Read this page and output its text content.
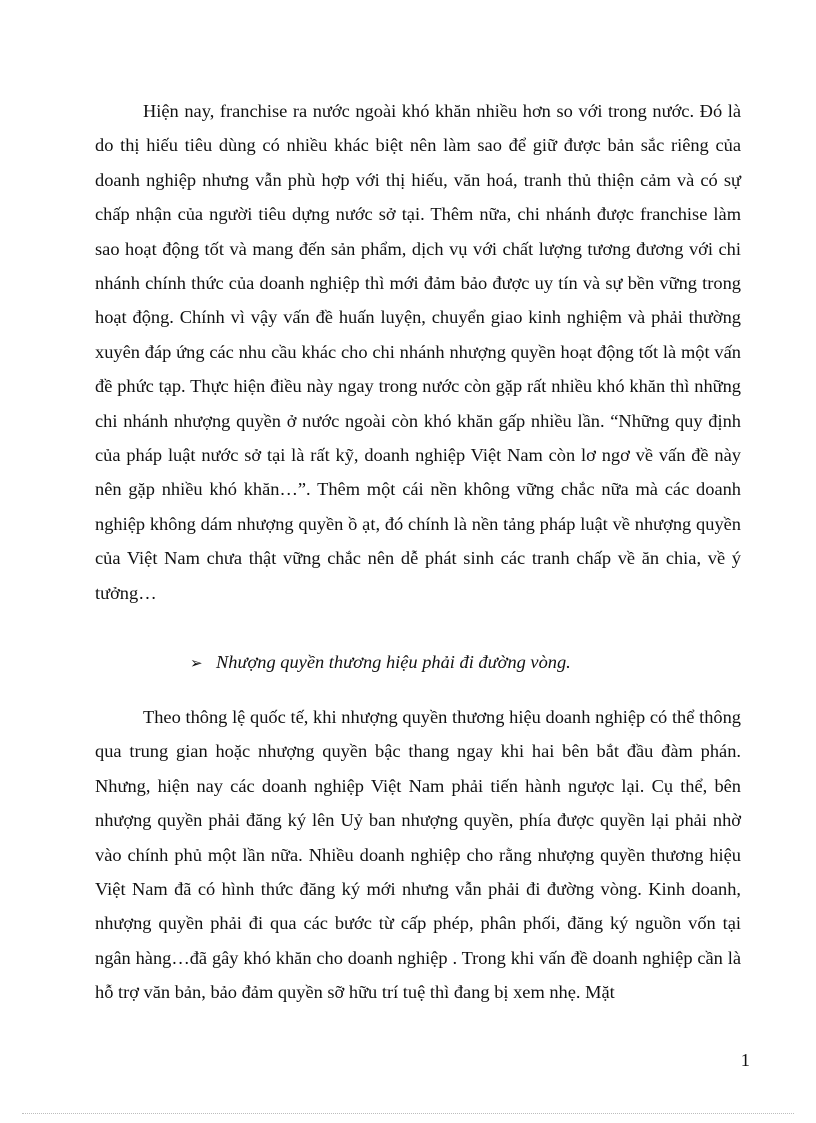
Hiện nay, franchise ra nước ngoài khó khăn nhiều hơn so với trong nước. Đó là do thị hiếu tiêu dùng có nhiều khác biệt nên làm sao để giữ được bản sắc riêng của doanh nghiệp nhưng vẫn phù hợp với thị hiếu, văn hoá, tranh thủ thiện cảm và có sự chấp nhận của người tiêu dựng nước sở tại. Thêm nữa, chi nhánh được franchise làm sao hoạt động tốt và mang đến sản phẩm, dịch vụ với chất lượng tương đương với chi nhánh chính thức của doanh nghiệp thì mới đảm bảo được uy tín và sự bền vững trong hoạt động. Chính vì vậy vấn đề huấn luyện, chuyển giao kinh nghiệm và phải thường xuyên đáp ứng các nhu cầu khác cho chi nhánh nhượng quyền hoạt động tốt là một vấn đề phức tạp. Thực hiện điều này ngay trong nước còn gặp rất nhiều khó khăn thì những chi nhánh nhượng quyền ở nước ngoài còn khó khăn gấp nhiều lần. “Những quy định của pháp luật nước sở tại là rất kỹ, doanh nghiệp Việt Nam còn lơ ngơ về vấn đề này nên gặp nhiều khó khăn…”. Thêm một cái nền không vững chắc nữa mà các doanh nghiệp không dám nhượng quyền ồ ạt, đó chính là nền tảng pháp luật về nhượng quyền của Việt Nam chưa thật vững chắc nên dễ phát sinh các tranh chấp về ăn chia, về ý tưởng…

➢ Nhượng quyền thương hiệu phải đi đường vòng.

Theo thông lệ quốc tế, khi nhượng quyền thương hiệu doanh nghiệp có thể thông qua trung gian hoặc nhượng quyền bậc thang ngay khi hai bên bắt đầu đàm phán. Nhưng, hiện nay các doanh nghiệp Việt Nam phải tiến hành ngược lại. Cụ thể, bên nhượng quyền phải đăng ký lên Uỷ ban nhượng quyền, phía được quyền lại phải nhờ vào chính phủ một lần nữa. Nhiều doanh nghiệp cho rằng nhượng quyền thương hiệu Việt Nam đã có hình thức đăng ký mới nhưng vẫn phải đi đường vòng. Kinh doanh, nhượng quyền phải đi qua các bước từ cấp phép, phân phối, đăng ký nguồn vốn tại ngân hàng…đã gây khó khăn cho doanh nghiệp . Trong khi vấn đề doanh nghiệp cần là hỗ trợ văn bản, bảo đảm quyền sỡ hữu trí tuệ thì đang bị xem nhẹ. Mặt

1
